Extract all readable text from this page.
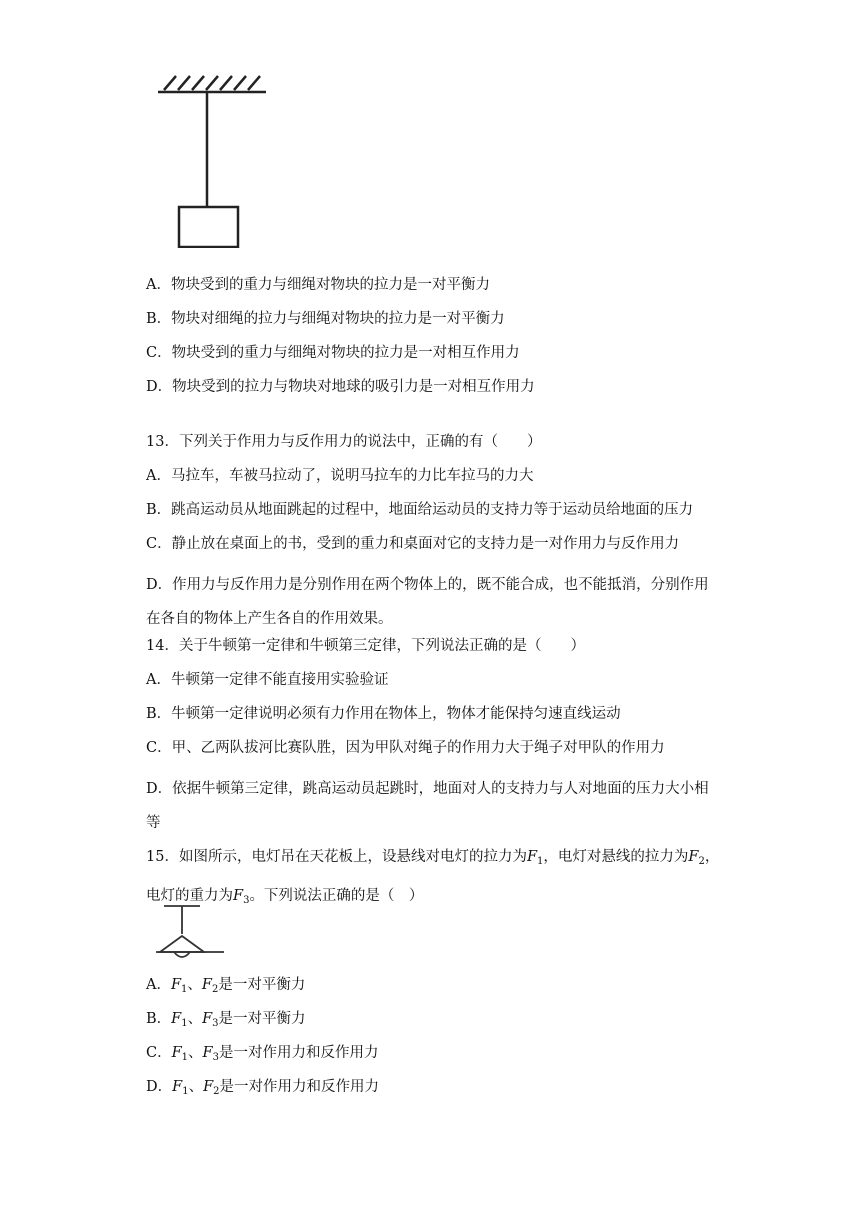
A．物块受到的重力与细绳对物块的拉力是一对平衡力
B．物块对细绳的拉力与细绳对物块的拉力是一对平衡力
C．物块受到的重力与细绳对物块的拉力是一对相互作用力
D．物块受到的拉力与物块对地球的吸引力是一对相互作用力
13．下列关于作用力与反作用力的说法中，正确的有（　　）
A．马拉车，车被马拉动了，说明马拉车的力比车拉马的力大
B．跳高运动员从地面跳起的过程中，地面给运动员的支持力等于运动员给地面的压力
C．静止放在桌面上的书，受到的重力和桌面对它的支持力是一对作用力与反作用力
D．作用力与反作用力是分别作用在两个物体上的，既不能合成，也不能抵消，分别作用在各自的物体上产生各自的作用效果。
14．关于牛顿第一定律和牛顿第三定律，下列说法正确的是（　　）
A．牛顿第一定律不能直接用实验验证
B．牛顿第一定律说明必须有力作用在物体上，物体才能保持匀速直线运动
C．甲、乙两队拔河比赛队胜，因为甲队对绳子的作用力大于绳子对甲队的作用力
D．依据牛顿第三定律，跳高运动员起跳时，地面对人的支持力与人对地面的压力大小相等
15．如图所示，电灯吊在天花板上，设悬线对电灯的拉力为$F_1$，电灯对悬线的拉力为$F_2$，电灯的重力为$F_3$。下列说法正确的是（　）
A．$F_1$、$F_2$是一对平衡力
B．$F_1$、$F_3$是一对平衡力
C．$F_1$、$F_3$是一对作用力和反作用力
D．$F_1$、$F_2$是一对作用力和反作用力
